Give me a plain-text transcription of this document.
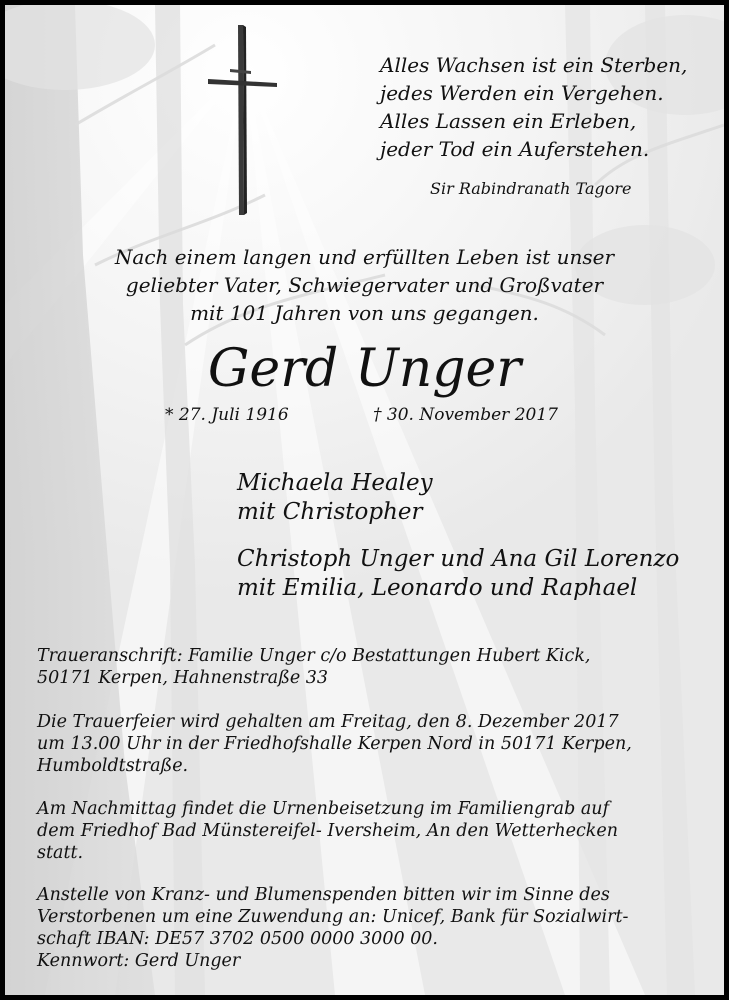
Alles Wachsen ist ein Sterben,
jedes Werden ein Vergehen.
Alles Lassen ein Erleben,
jeder Tod ein Auferstehen.
Sir Rabindranath Tagore
Nach einem langen und erfüllten Leben ist unser
geliebter Vater, Schwiegervater und Großvater
mit 101 Jahren von uns gegangen.
Gerd Unger
* 27. Juli 1916	† 30. November 2017
Michaela Healey
mit Christopher
Christoph Unger und Ana Gil Lorenzo
mit Emilia, Leonardo und Raphael
Traueranschrift: Familie Unger c/o Bestattungen Hubert Kick,
50171 Kerpen, Hahnenstraße 33
Die Trauerfeier wird gehalten am Freitag, den 8. Dezember 2017
um 13.00 Uhr in der Friedhofshalle Kerpen Nord in 50171 Kerpen,
Humboldtstraße.
Am Nachmittag findet die Urnenbeisetzung im Familiengrab auf
dem Friedhof Bad Münstereifel- Iversheim, An den Wetterhecken
statt.
Anstelle von Kranz- und Blumenspenden bitten wir im Sinne des
Verstorbenen um eine Zuwendung an: Unicef, Bank für Sozialwirt-
schaft IBAN: DE57 3702 0500 0000 3000 00.
Kennwort: Gerd Unger
